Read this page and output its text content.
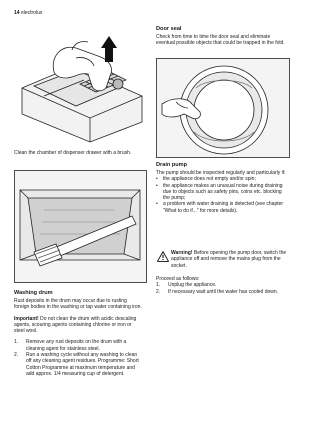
14 electrolux
Clean the chamber of dispenser drawer with a brush.
Washing drum

Rust deposits in the drum may occur due to rusting foreign bodies in the washing or tap water containing iron.

Important! Do not clean the drum with acidic descaling agents, scouring agents containing chlorine or iron or steel wool.

1. Remove any rust deposits on the drum with a cleaning agent for stainless steel.
2. Run a washing cycle without any washing to clean off any cleaning agent residues. Programme: Short Cotton Programme at maximum temperature and add approx. 1/4 measuring cup of detergent.
Door seal
Check from time to time the door seal and eliminate eventual possible objects that could be trapped in the fold.
Drain pump

The pump should be inspected regularly and particularly if:

• the appliance does not empty and/or spin;
• the appliance makes an unusual noise during draining due to objects such as safety pins, coins etc. blocking the pump;
• a problem with water draining is detected (see chapter “What to do if...” for more details).
Warning! Before opening the pump door, switch the appliance off and remove the mains plug from the socket.

Proceed as follows:

1. Unplug the appliance.
2. If necessary wait until the water has cooled down.
